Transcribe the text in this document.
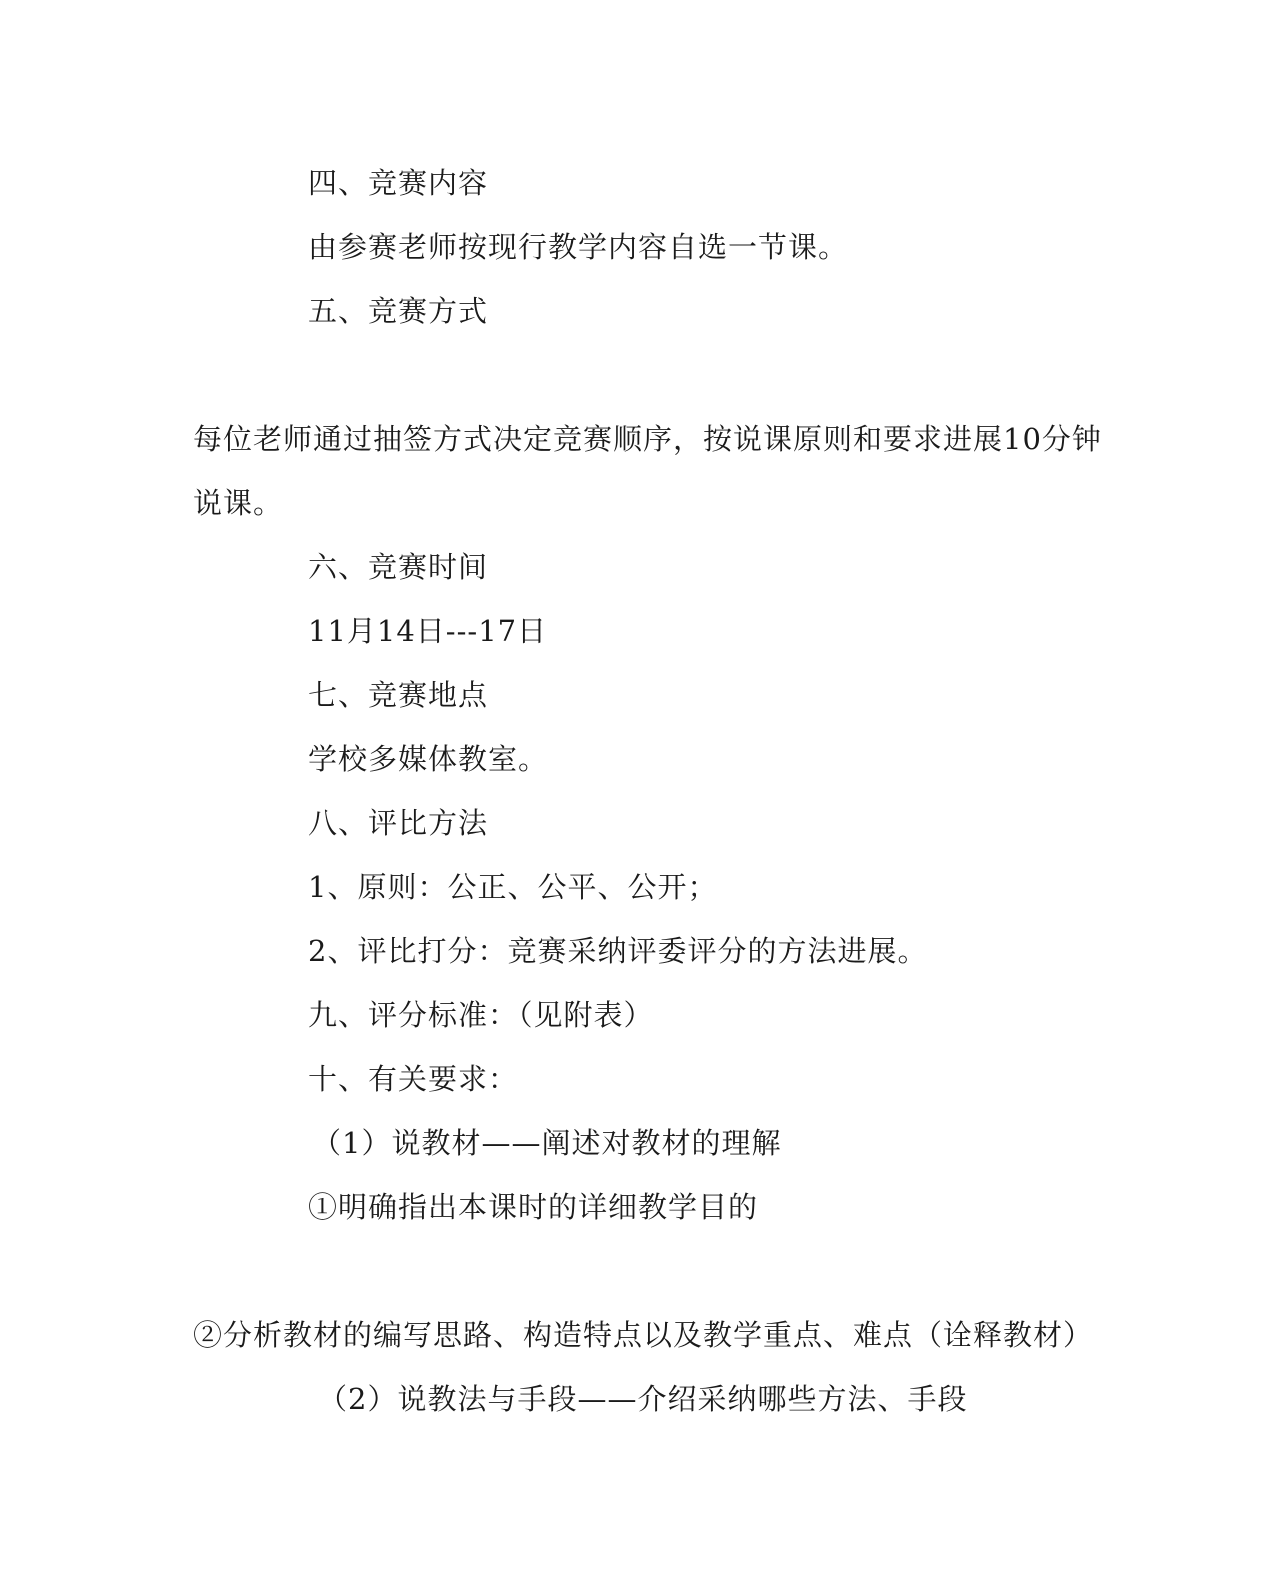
四、竞赛内容
由参赛老师按现行教学内容自选一节课。
五、竞赛方式
每位老师通过抽签方式决定竞赛顺序，按说课原则和要求进展10分钟
说课。
六、竞赛时间
11月14日---17日
七、竞赛地点
学校多媒体教室。
八、评比方法
1、原则：公正、公平、公开；
2、评比打分：竞赛采纳评委评分的方法进展。
九、评分标准：（见附表）
十、有关要求：
（1）说教材——阐述对教材的理解
①明确指出本课时的详细教学目的
②分析教材的编写思路、构造特点以及教学重点、难点（诠释教材）
（2）说教法与手段——介绍采纳哪些方法、手段
